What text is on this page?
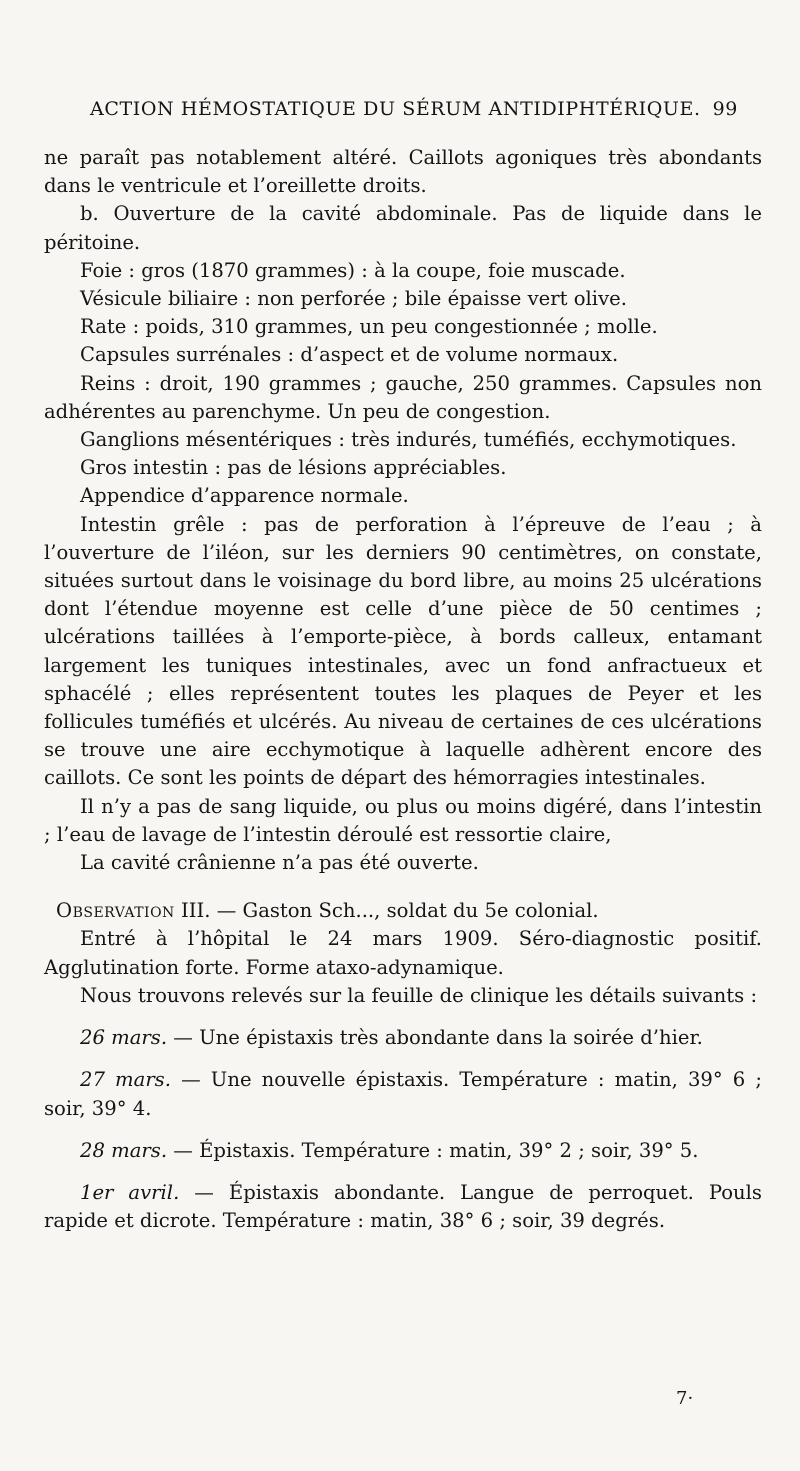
ACTION HÉMOSTATIQUE DU SÉRUM ANTIDIPHTÉRIQUE. 99

ne paraît pas notablement altéré. Caillots agoniques très abondants dans le ventricule et l’oreillette droits.

b. Ouverture de la cavité abdominale. Pas de liquide dans le péritoine.

Foie : gros (1870 grammes) : à la coupe, foie muscade.

Vésicule biliaire : non perforée ; bile épaisse vert olive.

Rate : poids, 310 grammes, un peu congestionnée ; molle.

Capsules surrénales : d’aspect et de volume normaux.

Reins : droit, 190 grammes ; gauche, 250 grammes. Capsules non adhérentes au parenchyme. Un peu de congestion.

Ganglions mésentériques : très indurés, tuméfiés, ecchymotiques.

Gros intestin : pas de lésions appréciables.

Appendice d’apparence normale.

Intestin grêle : pas de perforation à l’épreuve de l’eau ; à l’ouverture de l’iléon, sur les derniers 90 centimètres, on constate, situées surtout dans le voisinage du bord libre, au moins 25 ulcérations dont l’étendue moyenne est celle d’une pièce de 50 centimes ; ulcérations taillées à l’emporte-pièce, à bords calleux, entamant largement les tuniques intestinales, avec un fond anfractueux et sphacélé ; elles représentent toutes les plaques de Peyer et les follicules tuméfiés et ulcérés. Au niveau de certaines de ces ulcérations se trouve une aire ecchymotique à laquelle adhèrent encore des caillots. Ce sont les points de départ des hémorragies intestinales.

Il n’y a pas de sang liquide, ou plus ou moins digéré, dans l’intestin ; l’eau de lavage de l’intestin déroulé est ressortie claire,

La cavité crânienne n’a pas été ouverte.

Observation III. — Gaston Sch..., soldat du 5e colonial.

Entré à l’hôpital le 24 mars 1909. Séro-diagnostic positif. Agglutination forte. Forme ataxo-adynamique.

Nous trouvons relevés sur la feuille de clinique les détails suivants :

26 mars. — Une épistaxis très abondante dans la soirée d’hier.

27 mars. — Une nouvelle épistaxis. Température : matin, 39° 6 ; soir, 39° 4.

28 mars. — Épistaxis. Température : matin, 39° 2 ; soir, 39° 5.

1er avril. — Épistaxis abondante. Langue de perroquet. Pouls rapide et dicrote. Température : matin, 38° 6 ; soir, 39 degrés.

7·
